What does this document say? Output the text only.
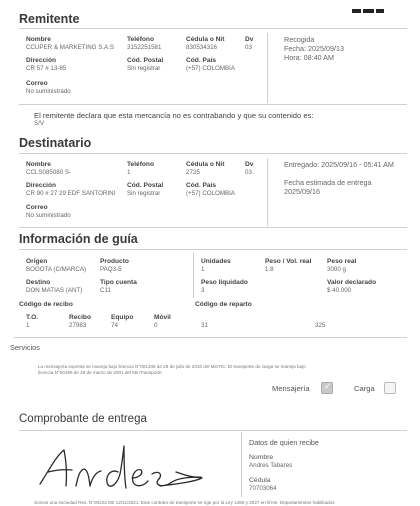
Remitente
Nombre
CCUPER & MARKETING S.A.S
Teléfono
3152251581
Cédula o Nit
830534316
Dv
03
Recogida
Fecha: 2025/09/13
Hora: 08:40 AM
Dirección
CR 57 # 13-85
Cód. Postal
Sin registrar
Cód. País
(+57) COLOMBIA
Correo
No suministrado
El remitente declara que esta mercancía no es contrabando y que su contenido es:
S/V
Destinatario
Nombre
CCLS085080 S-
Teléfono
1
Cédula o Nit
2725
Dv
03
Entregado: 2025/09/16 - 05:41 AM
Dirección
CR 90 # 27 29 EDF SANTORINI
Cód. Postal
Sin registrar
Cód. País
(+57) COLOMBIA
Fecha estimada de entrega
2025/09/16
Correo
No suministrado
Información de guía
Origen
BOGOTA (C/MARCA)
Producto
PAQ3-5
Destino
DON MATIAS (ANT)
Tipo cuenta
C11
Unidades
1
Peso / Vol. real
1.8
Peso real
3000 g
Peso liquidado
3
Valor declarado
$ 40.000
Código de recibo	Código de reparto
T.O.
1
Recibo
27983
Equipo
74
Móvil
0	31	325
Servicios
La mensajería expresa se maneja bajo licencia N°001345 de 28 de julio de 2010 del MinTIC. El transporte de carga se maneja bajo
licencia N°00199 de 28 de marzo de 2001 del MinTransporte
Mensajería
✓	Carga
Comprobante de entrega
Datos de quien recibe
Nombre
Andres Tabares
Cédula
70703064
Somos una sociedad Res. N°00222 DE 12/11/2021. Este contrato de transporte se rige por la Ley 1480 y 2027 en firme. Departamentos habilitados
